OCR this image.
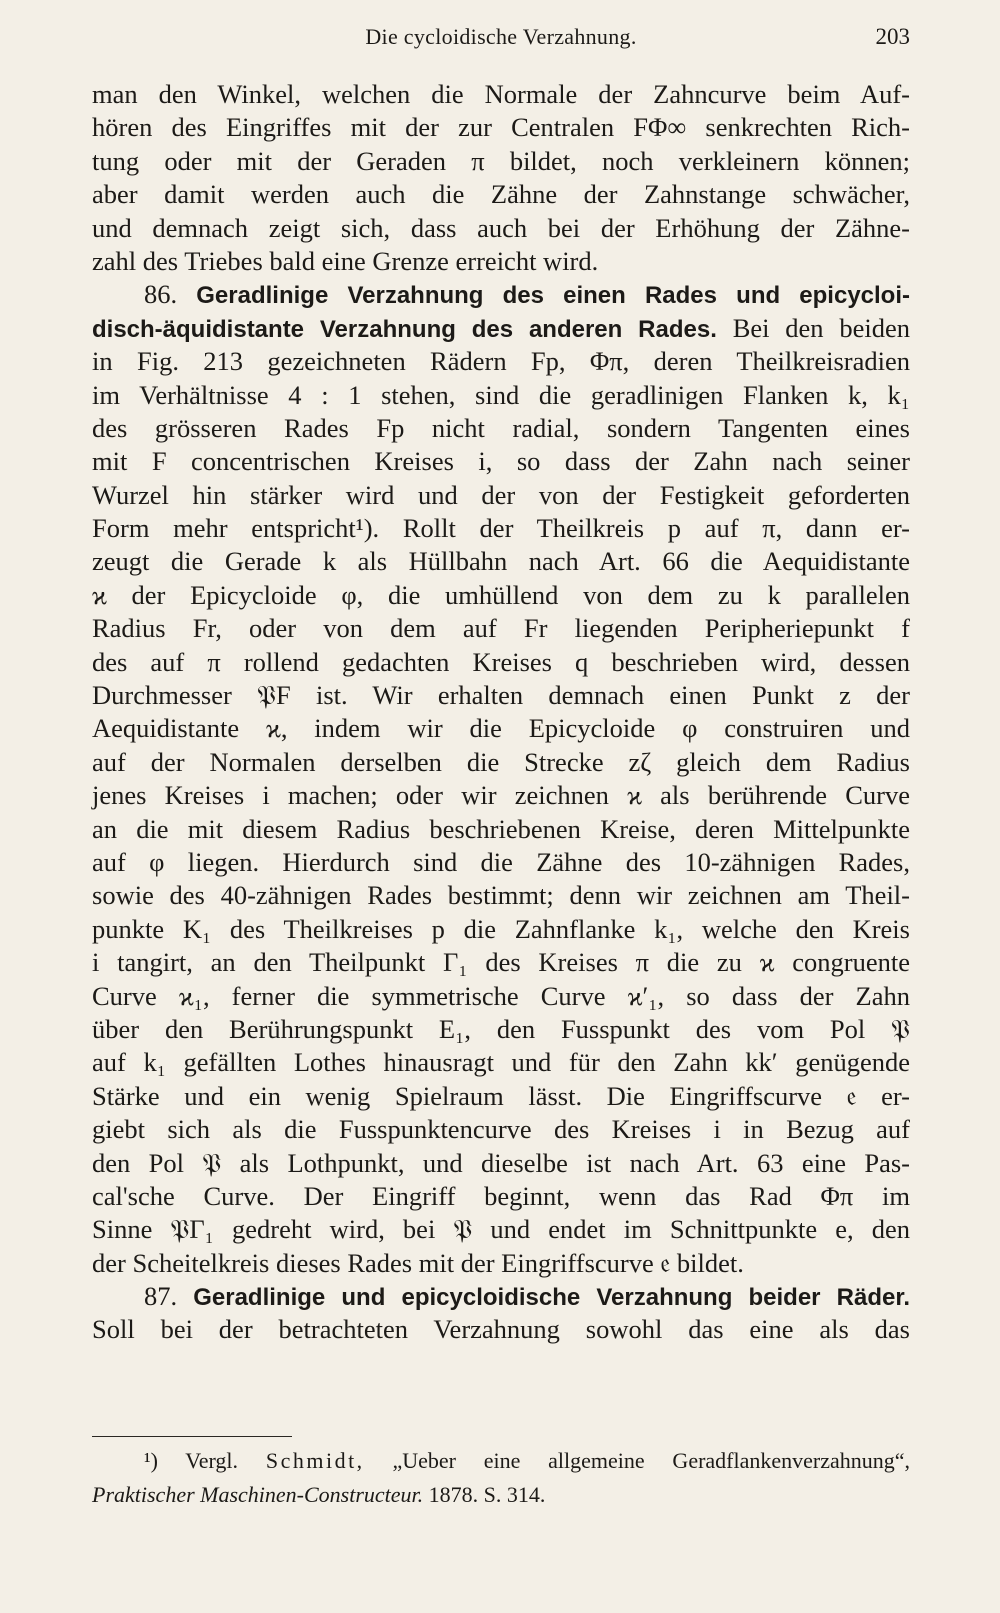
Die cycloidische Verzahnung.	203
man den Winkel, welchen die Normale der Zahncurve beim Auf-
hören des Eingriffes mit der zur Centralen FΦ∞ senkrechten Rich-
tung oder mit der Geraden π bildet, noch verkleinern können;
aber damit werden auch die Zähne der Zahnstange schwächer,
und demnach zeigt sich, dass auch bei der Erhöhung der Zähne-
zahl des Triebes bald eine Grenze erreicht wird.
86. Geradlinige Verzahnung des einen Rades und epicycloi-
disch-äquidistante Verzahnung des anderen Rades. Bei den beiden
in Fig. 213 gezeichneten Rädern Fp, Φπ, deren Theilkreisradien
im Verhältnisse 4 : 1 stehen, sind die geradlinigen Flanken k, k₁
des grösseren Rades Fp nicht radial, sondern Tangenten eines
mit F concentrischen Kreises i, so dass der Zahn nach seiner
Wurzel hin stärker wird und der von der Festigkeit geforderten
Form mehr entspricht¹). Rollt der Theilkreis p auf π, dann er-
zeugt die Gerade k als Hüllbahn nach Art. 66 die Aequidistante
ϰ der Epicycloide φ, die umhüllend von dem zu k parallelen
Radius Fr, oder von dem auf Fr liegenden Peripheriepunkt f
des auf π rollend gedachten Kreises q beschrieben wird, dessen
Durchmesser 𝔓F ist. Wir erhalten demnach einen Punkt z der
Aequidistante ϰ, indem wir die Epicycloide φ construiren und
auf der Normalen derselben die Strecke zζ gleich dem Radius
jenes Kreises i machen; oder wir zeichnen ϰ als berührende Curve
an die mit diesem Radius beschriebenen Kreise, deren Mittelpunkte
auf φ liegen. Hierdurch sind die Zähne des 10-zähnigen Rades,
sowie des 40-zähnigen Rades bestimmt; denn wir zeichnen am Theil-
punkte K₁ des Theilkreises p die Zahnflanke k₁, welche den Kreis
i tangirt, an den Theilpunkt Γ₁ des Kreises π die zu ϰ congruente
Curve ϰ₁, ferner die symmetrische Curve ϰ′₁, so dass der Zahn
über den Berührungspunkt E₁, den Fusspunkt des vom Pol 𝔓
auf k₁ gefällten Lothes hinausragt und für den Zahn kk′ genügende
Stärke und ein wenig Spielraum lässt. Die Eingriffscurve 𝔢 er-
giebt sich als die Fusspunktencurve des Kreises i in Bezug auf
den Pol 𝔓 als Lothpunkt, und dieselbe ist nach Art. 63 eine Pas-
cal'sche Curve. Der Eingriff beginnt, wenn das Rad Φπ im
Sinne 𝔓Γ₁ gedreht wird, bei 𝔓 und endet im Schnittpunkte e, den
der Scheitelkreis dieses Rades mit der Eingriffscurve 𝔢 bildet.
87. Geradlinige und epicycloidische Verzahnung beider Räder.
Soll bei der betrachteten Verzahnung sowohl das eine als das
¹) Vergl. Schmidt, „Ueber eine allgemeine Geradflankenverzahnung“,
Praktischer Maschinen-Constructeur. 1878. S. 314.
